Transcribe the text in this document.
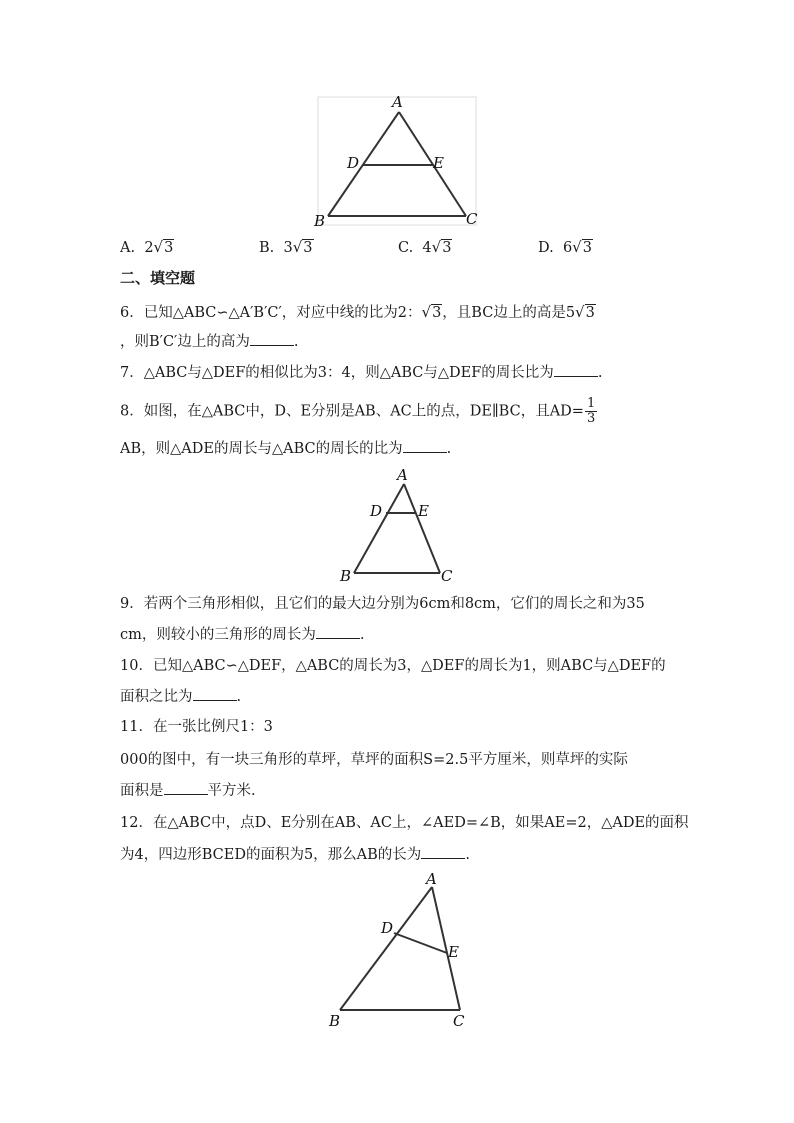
A
D	E
B	C
A
D E
B	C
A
D
E
B	C
A. 2√3	B. 3√3	C. 4√3	D. 6√3
二、填空题
6．已知△ABC∽△A′B′C′，对应中线的比为2：√3，且BC边上的高是5√3
，则B′C′边上的高为	.
7．△ABC与△DEF的相似比为3：4，则△ABC与△DEF的周长比为	.
8．如图，在△ABC中，D、E分别是AB、AC上的点，DE∥BC，且$AD= \frac{1}{3}$
AB，则△ADE的周长与△ABC的周长的比为	.
9．若两个三角形相似，且它们的最大边分别为6cm和8cm，它们的周长之和为35
cm，则较小的三角形的周长为	.
10．已知△ABC∽△DEF，△ABC的周长为3，△DEF的周长为1，则ABC与△DEF的
面积之比为	.
11．在一张比例尺1：3
000的图中，有一块三角形的草坪，草坪的面积S=2.5平方厘米，则草坪的实际
面积是	平方米.
12．在△ABC中，点D、E分别在AB、AC上，∠AED=∠B，如果AE=2，△ADE的面积
为4，四边形BCED的面积为5，那么AB的长为	.
